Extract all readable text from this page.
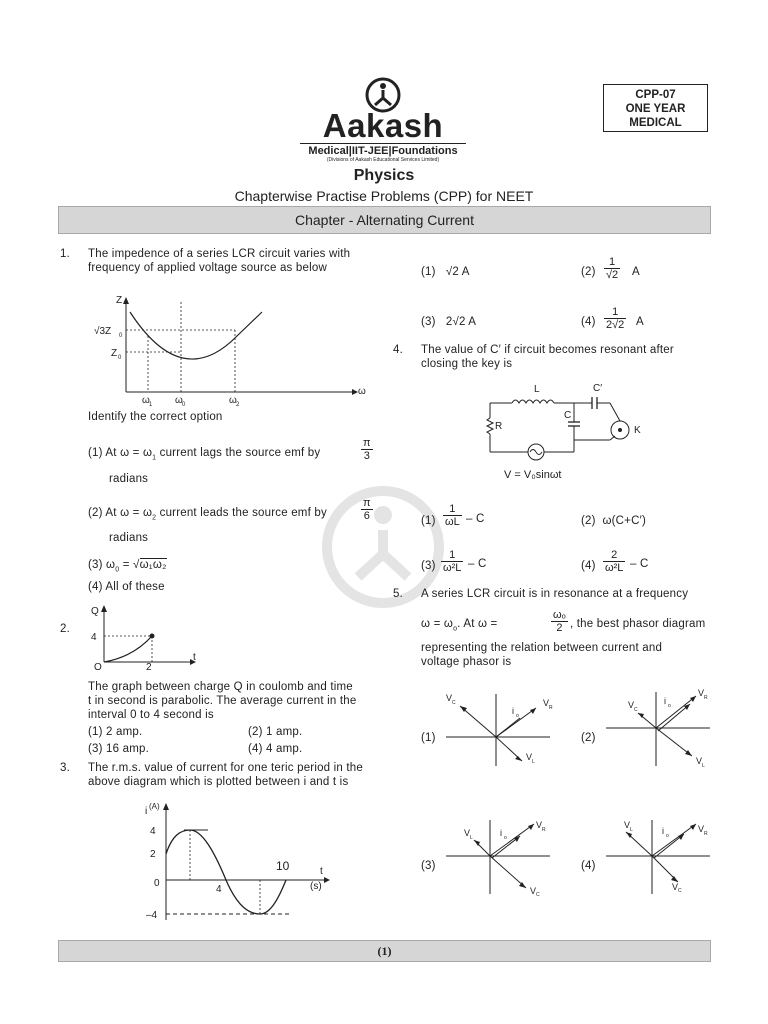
CPP-07
ONE YEAR
MEDICAL
Aakash
Medical|IIT-JEE|Foundations
(Divisions of Aakash Educational Services Limited)
Physics
Chapterwise Practise Problems (CPP) for NEET
Chapter - Alternating Current
1. The impedence of a series LCR circuit varies with
frequency of applied voltage source as below
Z
ω
√3Z 0
Z 0
ω 1 ω 0	ω 2
Identify the correct option
(1) At $\omega = \omega_1$ current lags the source emf by	$\frac{\pi}{3}$
radians
(2) At $\omega = \omega_2$ current leads the source emf by	$\frac{\pi}{6}$
radians
(3) $\omega_0 = √\omega_1\omega_2$
(4) All of these
2.
Q
4
O	2
t
The graph between charge Q in coulomb and time
t in second is parabolic. The average current in the
interval 0 to 4 second is
(1) 2 amp.	(2) 1 amp.
(3) 16 amp.	(4) 4 amp.
3. The r.m.s. value of current for one teric period in the
above diagram which is plotted between i and t is
i (A)
4
2
0
–4
4
10	t
(s)
(1) √2 A	$(2) \frac{1}{√2}$ A
(3) 2√2 A	$(4) \frac{1}{2√2}$ A
4. The value of C′ if circuit becomes resonant after
closing the key is
L	C′
C
R	K
V = V₀sinωt
$(1) \frac{1}{\omega L}$ – C	(2) ω(C+C′)
$(3) \frac{1}{\text{ω²L}}$ – C	$(4) \frac{2}{\text{ω²L}}$ – C
5. A series LCR circuit is in resonance at a frequency
$\omega = \omega_o$. At ω =	$\frac{\text{ωₒ}}{2}$ , the best phasor diagram
representing the relation between current and
voltage phasor is
(1)
V C
i o
V R
V L
(2)
V C
i o
V R
V L
(3)
V L	i o
V R
V C
(4)
V L	i o
V R
V C
(1)
